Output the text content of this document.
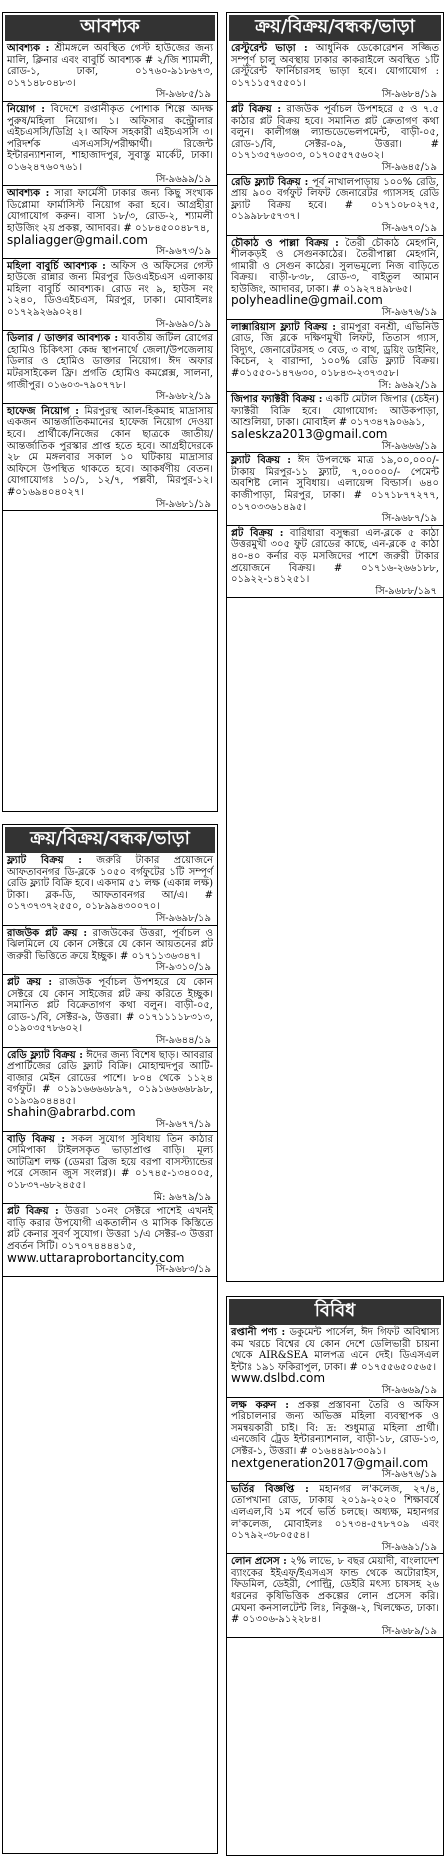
আবশ্যক
আবশ্যক : শ্রীমঙ্গলে অবস্থিত গেস্ট হাউজের জন্য মালি, ক্লিনার এবং বাবুর্চি আবশ্যক # ২/জি শ্যামলী, রোড-১, ঢাকা, ০১৭৬০-৯১৮৬৭৩, ০১৭১৪৮০৪৮৩।
সি-৯৬৮৫/১৯
নিয়োগ : বিদেশে রপ্তানীকৃত পোশাক শিল্পে অদক্ষ পুরুষ/মহিলা নিয়োগ। ১। অফিসার কন্ট্রোলার এইচএসসি/ডিগ্রি ২। অফিস সহকারী এইচএসসি ৩। পরিদর্শক এসএসসি/পরীক্ষার্থী। রিজেন্ট ইন্টারন্যাশনাল, শাহাজাদপুর, সুবাস্তু মার্কেট, ঢাকা। ০১৬২৪৭৬০৭৬১।
সি-৯৬৯৯/১৯
আবশ্যক : সারা ফার্মেসী ঢাকার জন্য কিছু সংখ্যক ডিপ্লোমা ফার্মাসিস্ট নিয়োগ করা হবে। আগ্রহীরা যোগাযোগ করুন। বাসা ১৮/৩, রোড-২, শ্যামলী হাউজিং ২য় প্রকল্প, আদাবর। # ০১৮৪৫০০৪৮৭৪,
splaliagger@gmail.com
সি-৯৬৭৩/১৯
মহিলা বাবুর্চি আবশ্যক : অফিস ও অফিসের গেস্ট হাউজে রান্নার জন্য মিরপুর ডিওএইচএস এলাকায় মহিলা বাবুর্চি আবশ্যক। রোড নং ৯, হাউস নং ১২৪০, ডিওএইচএস, মিরপুর, ঢাকা। মোবাইলঃ ০১৭২৯২৬৯০২৪।
সি-৯৬৯০/১৯
ডিলার / ডাক্তার আবশ্যক : যাবতীয় জটিল রোগের হোমিও চিকিৎসা কেন্দ্র স্থাপনার্থে জেলা/উপজেলায় ডিলার ও হোমিও ডাক্তার নিয়োগ। ঈদ অফার মটরসাইকেল ফ্রি। প্রগতি হোমিও কমপ্লেক্স, সালনা, গাজীপুর। ০১৬০৩-৭৯০৭৭৮।
সি-৯৬৮২/১৯
হাফেজ নিয়োগ : মিরপুরস্থ আল-হিকমাহ মাদ্রাসায় একজন আন্তর্জাতিকমানের হাফেজ নিয়োগ দেওয়া হবে। প্রার্থীকে/নিজের কোন ছাত্রকে জাতীয়/আন্তর্জাতিক পুরস্কার প্রাপ্ত হতে হবে। আগ্রহীদেরকে ২৮ মে মঙ্গলবার সকাল ১০ ঘটিকায় মাদ্রাসার অফিসে উপস্থিত থাকতে হবে। আকর্ষণীয় বেতন। যোগাযোগঃ ১০/১, ১২/৭, পল্লবী, মিরপুর-১২।#০১৬৯৪০৪০২৭।
সি-৯৬৮১/১৯
ক্রয়/বিক্রয়/বন্ধক/ভাড়া
ফ্ল্যাট বিক্রয় : জরুরি টাকার প্রয়োজনে আফতাবনগর ডি-ব্লকে ১০৫০ বর্গফুটের ১টি সম্পূর্ণ রেডি ফ্ল্যাট বিক্রি হবে। একদাম ৫১ লক্ষ (একান্ন লক্ষ) টাকা। ব্লক-ডি, আফতাবনগর আ/এ। # ০১৭৩৭৩৭২৫৫০, ০১৮৯৯৪৩০০৭০।
সি-৯৬৯৮/১৯
রাজউক প্লট ক্রয় : রাজউকের উত্তরা, পূর্বাচল ও ঝিলমিলে যে কোন সেক্টরে যে কোন আয়তনের প্লট জরুরী ভিত্তিতে ক্রয়ে ইচ্ছুক। # ০১৭১১৩৬৩৪৭।
সি-৯৩১০/১৯
প্লট ক্রয় : রাজউক পূর্বাচল উপশহরে যে কোন সেক্টরে যে কোন সাইজের প্লট ক্রয় করিতে ইচ্ছুক। সমানিত প্লট বিক্রেতাগণ কথা বলুন। বাড়ী-০৫, রোড-১/বি, সেক্টর-৯, উত্তরা। # ০১৭১১১১৮৩১৩, ০১৯০৩৫৭৮৬০২।
সি-৯৬৪৪/১৯
রেডি ফ্ল্যাট বিক্রয় : ঈদের জন্য বিশেষ ছাড়। আবরার প্রপার্টিজের রেডি ফ্ল্যাট বিক্রি। মোহাম্মদপুর আটি-বাজার মেইন রোডের পাশে। ৮০৪ থেকে ১১২৪ বর্গফুট। # ০১৯১৬৬৬৬৮৯৭, ০১৯১৬৬৬৬৮৯৮, ০১৯৩৯০৪৪৪৫।
shahin@abrarbd.com
সি-৯৬৭৭/১৯
বাড়ি বিক্রয় : সকল সুযোগ সুবিধায় তিন কাঠার সেমিপাকা টাইলসকৃত ভাড়াপ্রাপ্ত বাড়ি। মূল্য আটত্রিশ লক্ষ (ডেমরা ব্রিজ হয়ে বরপা বাসস্ট্যান্ডের পরে সেজান জুস সংলগ্ন)। # ০১৭৪৫-১৩৪০০৫, ০১৮৩৭-৬৮২৪৫৫।
মি: ৯৬৭৯/১৯
প্লট বিক্রয় : উত্তরা ১০নং সেক্টরে পাশেই এখনই বাড়ি করার উপযোগী একতালীন ও মাসিক কিস্তিতে প্লট কেনার সুবর্ণ সুযোগ। উত্তরা ১/এ সেক্টর-৩ উত্তরা প্রবর্তন সিটি। ০১৭০৭৪৪৪৪১৫,
www.uttaraprobortancity.com
সি-৯৬৮৩/১৯
ক্রয়/বিক্রয়/বন্ধক/ভাড়া
রেস্টুরেন্ট ভাড়া : আধুনিক ডেকোরেশন সজ্জিত সম্পূর্ণ চালু অবস্থায় ঢাকার কাকরাইলে অবস্থিত ১টি রেস্টুরেন্ট ফার্নিচারসহ ভাড়া হবে। যোগাযোগ : ০১৭১১৫৭৫৫০১।
সি-৯৬৮৪/১৯
প্লট বিক্রয় : রাজউক পূর্বাচল উপশহরে ৫ ও ৭.৫ কাঠার প্লট বিক্রয় হবে। সমানিত প্লট ক্রেতাগণ কথা বলুন। কালীগঞ্জ ল্যান্ডডেভেলপমেন্ট, বাড়ী-০৫, রোড-১/বি, সেক্টর-০৯, উত্তরা। # ০১৭১৩৫৭৬৩০৩, ০১৭০৫৫৭৫৬০২।
সি-৯৬৪৫/১৯
রেডি ফ্ল্যাট বিক্রয় : পূর্ব নাখালপাড়ায় ১০০% রেডি, প্রায় ৯০০ বর্গফুট লিফট জেনারেটর গ্যাসসহ রেডি ফ্ল্যাট বিক্রয় হবে। # ০১৭১০৮০২৭৫, ০১৯৯৮৮৫৭৩৭।
সি-৯৬৭০/১৯
চৌকাঠ ও পাল্লা বিক্রয় : তৈরী চৌকাঠ মেহগনি, শীলকড়ই ও সেগুনকাঠের। তৈরীপাল্লা মেহগনি, গামারী ও সেগুন কাঠের। সুলভমূল্যে নিজ বাড়িতে বিক্রয়। বাড়ী-৮৩৮, রোড-৩, বাইতুল আমান হাউজিং, আদাবর, ঢাকা। # ০১৯২৭৪৯৮৬৫।
polyheadline@gmail.com
সি-৯৬৭৬/১৯
লাক্সারিয়াস ফ্ল্যাট বিক্রয় : রামপুরা বনশ্রী, এভিনিউ রোড, জি ব্লকে দক্ষিণমুখী লিফট, তিতাস গ্যাস, বিদ্যুৎ, জেনারেটরসহ ৩ বেড, ৩ বাথ, ড্রয়িং ডাইনিং, কিচেন, ২ বারান্দা, ১০০% রেডি ফ্ল্যাট বিক্রয়। #০১৫৫০-১৪৭৬৩০, ০১৮৪৩-২৩৭৩৫৮।
সি: ৯৬৯২/১৯
জিপার ফ্যাক্টরী বিক্রয় : একটি মেটাল জিপার (চেইন) ফ্যাক্টরী বিক্রি হবে। যোগাযোগ: আউকপাড়া, আশুলিয়া, ঢাকা। মোবাইল # ০১৭৩৪৭৯০৬৯১,
saleskza2013@gmail.com
সি-৯৬৬৬/১৯
ফ্ল্যাট বিক্রয় : ঈদ উপলক্ষে মাত্র ১৯,০০,০০০/- টাকায় মিরপুর-১১ ফ্ল্যাট, ৭,০০০০০/- পেমেন্ট অবশিষ্ট লোন সুবিধায়। এলায়েন্স বিল্ডার্স। ৬৪০ কাজীপাড়া, মিরপুর, ঢাকা। # ০১৭১৮৭৭২৭৭, ০১৭০৩৩৬১৪৯৫।
সি-৯৬৮৭/১৯
প্লট বিক্রয় : বারিধারা বসুন্ধরা এল-ব্লকে ৫ কাঠা উত্তরমুখী ৩০৫ ফুট রোডের কাছে, এন-ব্লকে ৫ কাঠা ৪০-৪০ কর্নার বড় মসজিদের পাশে জরুরী টাকার প্রয়োজনে বিক্রয়। # ০১৭১৬-২৬৬১৮৮, ০১৯২২-১৪১২৫১।
সি-৯৬৮৮/১৯৭
বিবিধ
রপ্তানী পণ্য : ডকুমেন্ট পার্সেল, ঈদ গিফট অবিশ্বাস্য কম খরচে বিশ্বের যে কোন দেশে ডেলিভারী চায়না থেকে AIR&SEA মালপত্র এনে দেই। ডিএসএল ইন্টাঃ ১৯১ ফকিরাপুল, ঢাকা। # ০১৭৫৫৬৫০৫৬৫।
www.dslbd.com
সি-৯৬৬৯/১৯
লক্ষ করুন : প্রকল্প প্রস্তাবনা তৈরি ও অফিস পরিচালনার জন্য অভিজ্ঞ মহিলা ব্যবস্থাপক ও সমন্বয়কারী চাই। বি: দ্র: শুধুমাত্র মহিলা প্রার্থী। এনজেবি ট্রেড ইন্টারন্যাশনাল, বাড়ী-১৮, রোড-১৩, সেক্টর-১, উত্তরা। # ০১৬৪৪৯৮৩০৯১।
nextgeneration2017@gmail.com
সি-৯৬৭৬/১৯
ভর্তির বিজ্ঞপ্তি : মহানগর ল'কলেজ, ২৭/৪, তোপখানা রোড, ঢাকায় ২০১৯-২০২০ শিক্ষাবর্ষে এলএল,বি ১ম পর্বে ভর্তি চলছে। অধ্যক্ষ, মহানগর ল'কলেজ, মোবাইলঃ ০১৭৩৪-৫৭৮৭০৯ এবং ০১৭৯২-৩৮০৫৫৪।
সি-৯৬৯১/১৯
লোন প্রসেস : ২% লাভে, ৮ বছর মেয়াদী, বাংলাদেশ ব্যাংকের ইইএফ/ইএসএস ফান্ড থেকে অটোরাইস, ফিডমিল, ডেইরী, পোল্ট্রি, ডেইরি মৎস্য চাষসহ ২৬ ধরনের কৃষিভিত্তিক প্রকল্পের লোন প্রসেস করি। মেঘনা কনসালটেন্ট লিঃ, নিকুঞ্জ-২, খিলক্ষেত, ঢাকা। # ০১৩০৬-৯১২২৮৪।
সি-৯৬৮৯/১৯
